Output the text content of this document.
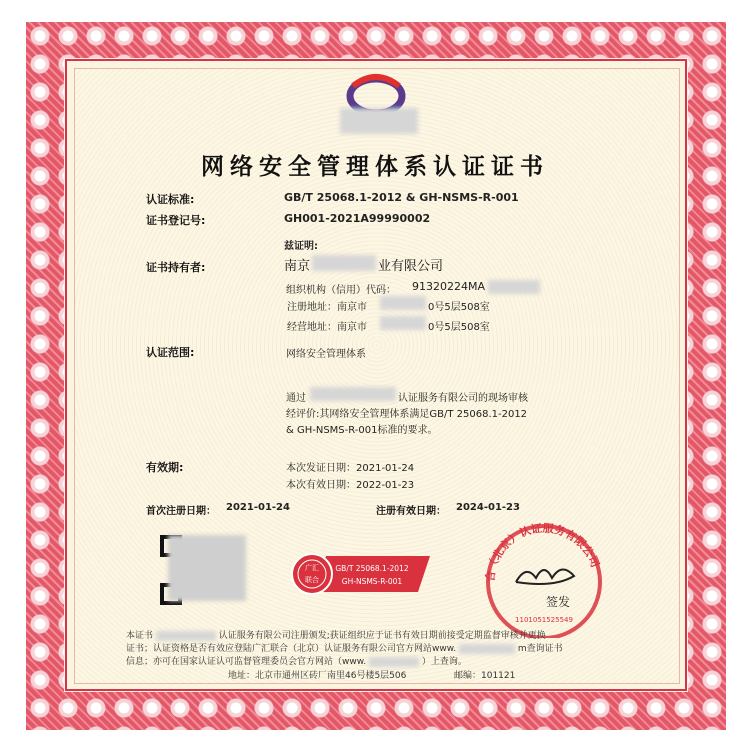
网络安全管理体系认证证书
认证标准:	GB/T 25068.1-2012 & GH-NSMS-R-001
证书登记号:	GH001-2021A99990002
兹证明:
证书持有者:	南京	业有限公司
组织机构（信用）代码： 91320224MA
注册地址：南京市	0号5层508室
经营地址：南京市	0号5层508室
认证范围:	网络安全管理体系
通过	认证服务有限公司的现场审核
经评价:其网络安全管理体系满足GB/T 25068.1-2012
& GH-NSMS-R-001标准的要求。
有效期:	本次发证日期：2021-01-24
本次有效日期：2022-01-23
首次注册日期： 2021-01-24	注册有效日期： 2024-01-23
广汇
联合
GB/T 25068.1-2012
GH-NSMS-R-001	合（北京）认证服务有限公司
1101051525549
签发
本证书	认证服务有限公司注册颁发;获证组织应于证书有效日期前接受定期监督审核并更换
证书；认证资格是否有效应登陆广汇联合（北京）认证服务有限公司官方网站www.	m查询证书
信息；亦可在国家认证认可监督管理委员会官方网站（www.	）上查询。
地址：北京市通州区砖厂南里46号楼5层506	邮编：101121
